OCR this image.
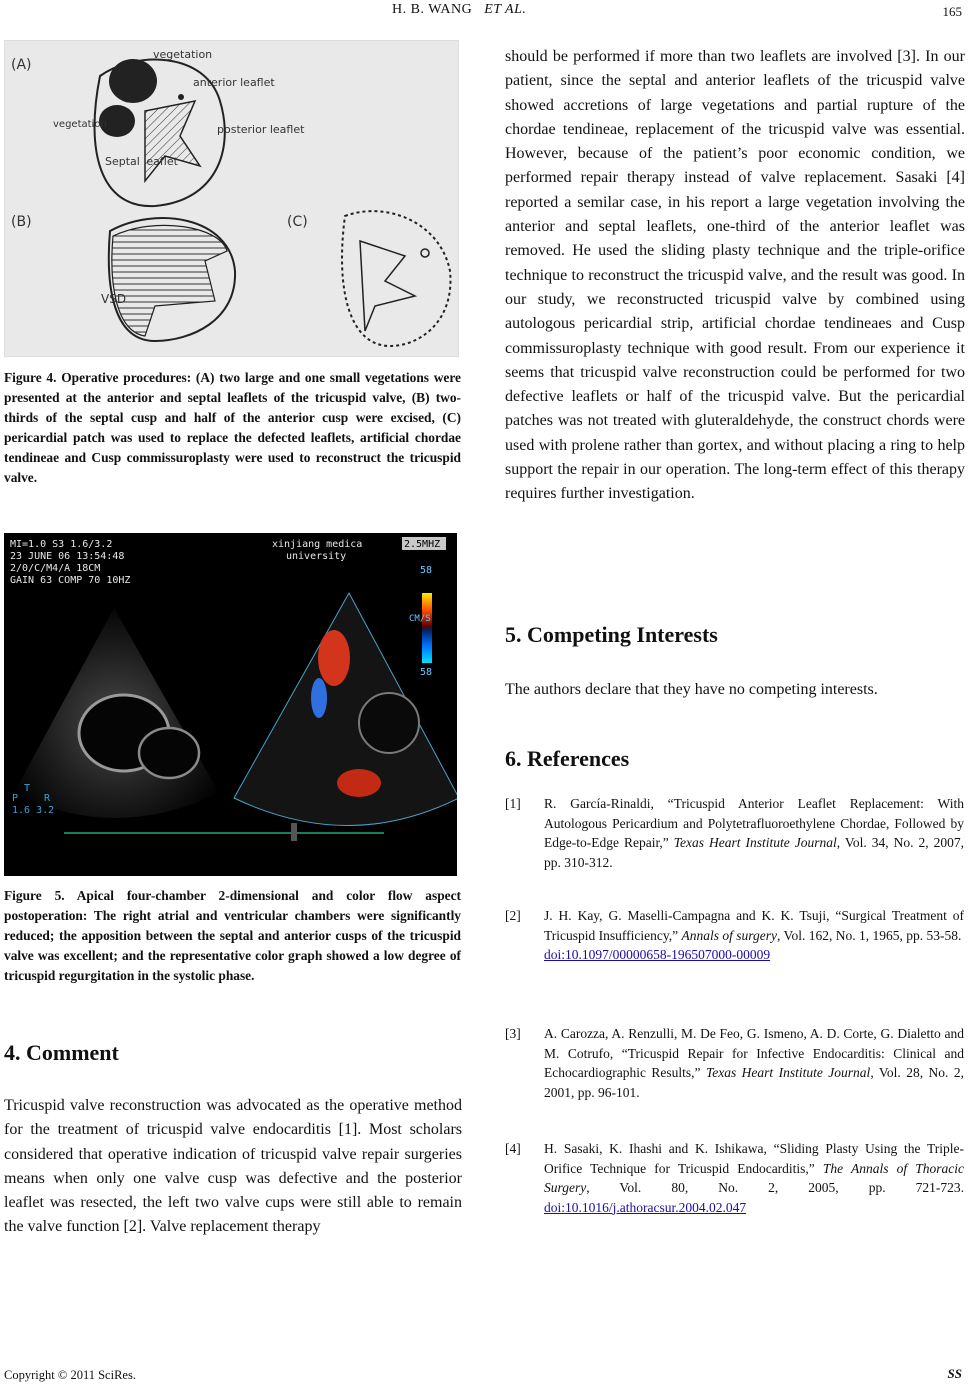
H. B. WANG ET AL.	165
(A)
vegetation
anterior leaflet
vegetation	posterior leaflet
Septal leaflet
(B)
VSD
(C)
Figure 4. Operative procedures: (A) two large and one small vegetations were presented at the anterior and septal leaflets of the tricuspid valve, (B) two-thirds of the septal cusp and half of the anterior cusp were excised, (C) pericardial patch was used to replace the defected leaflets, artificial chordae tendineae and Cusp commissuroplasty were used to reconstruct the tricuspid valve.
MI=1.0 S3 1.6/3.2
23 JUNE 06 13:54:48
2/0/C/M4/A 18CM
GAIN 63 COMP 70 10HZ
xinjiang medica
university
58
58
CM/S
T
P	R
1.6 3.2
2.5MHZ
Figure 5. Apical four-chamber 2-dimensional and color flow aspect postoperation: The right atrial and ventricular chambers were significantly reduced; the apposition between the septal and anterior cusps of the tricuspid valve was excellent; and the representative color graph showed a low degree of tricuspid regurgitation in the systolic phase.
4. Comment
Tricuspid valve reconstruction was advocated as the operative method for the treatment of tricuspid valve endocarditis [1]. Most scholars considered that operative indication of tricuspid valve repair surgeries means when only one valve cusp was defective and the posterior leaflet was resected, the left two valve cups were still able to remain the valve function [2]. Valve replacement therapy
should be performed if more than two leaflets are involved [3]. In our patient, since the septal and anterior leaflets of the tricuspid valve showed accretions of large vegetations and partial rupture of the chordae tendineae, replacement of the tricuspid valve was essential. However, because of the patient’s poor economic condition, we performed repair therapy instead of valve replacement. Sasaki [4] reported a semilar case, in his report a large vegetation involving the anterior and septal leaflets, one-third of the anterior leaflet was removed. He used the sliding plasty technique and the triple-orifice technique to reconstruct the tricuspid valve, and the result was good. In our study, we reconstructed tricuspid valve by combined using autologous pericardial strip, artificial chordae tendineaes and Cusp commissuroplasty technique with good result. From our experience it seems that tricuspid valve reconstruction could be performed for two defective leaflets or half of the tricuspid valve. But the pericardial patches was not treated with gluteraldehyde, the construct chords were used with prolene rather than gortex, and without placing a ring to help support the repair in our operation. The long-term effect of this therapy requires further investigation.
5. Competing Interests
The authors declare that they have no competing interests.
6. References
[1] R. García-Rinaldi, “Tricuspid Anterior Leaflet Replacement: With Autologous Pericardium and Polytetrafluoroethylene Chordae, Followed by Edge-to-Edge Repair,” Texas Heart Institute Journal, Vol. 34, No. 2, 2007, pp. 310-312.
[2] J. H. Kay, G. Maselli-Campagna and K. K. Tsuji, “Surgical Treatment of Tricuspid Insufficiency,” Annals of surgery, Vol. 162, No. 1, 1965, pp. 53-58.
doi:10.1097/00000658-196507000-00009
[3] A. Carozza, A. Renzulli, M. De Feo, G. Ismeno, A. D. Corte, G. Dialetto and M. Cotrufo, “Tricuspid Repair for Infective Endocarditis: Clinical and Echocardiographic Results,” Texas Heart Institute Journal, Vol. 28, No. 2, 2001, pp. 96-101.
[4] H. Sasaki, K. Ihashi and K. Ishikawa, “Sliding Plasty Using the Triple-Orifice Technique for Tricuspid Endocarditis,” The Annals of Thoracic Surgery, Vol. 80, No. 2, 2005, pp. 721-723. doi:10.1016/j.athoracsur.2004.02.047
Copyright © 2011 SciRes.	SS
